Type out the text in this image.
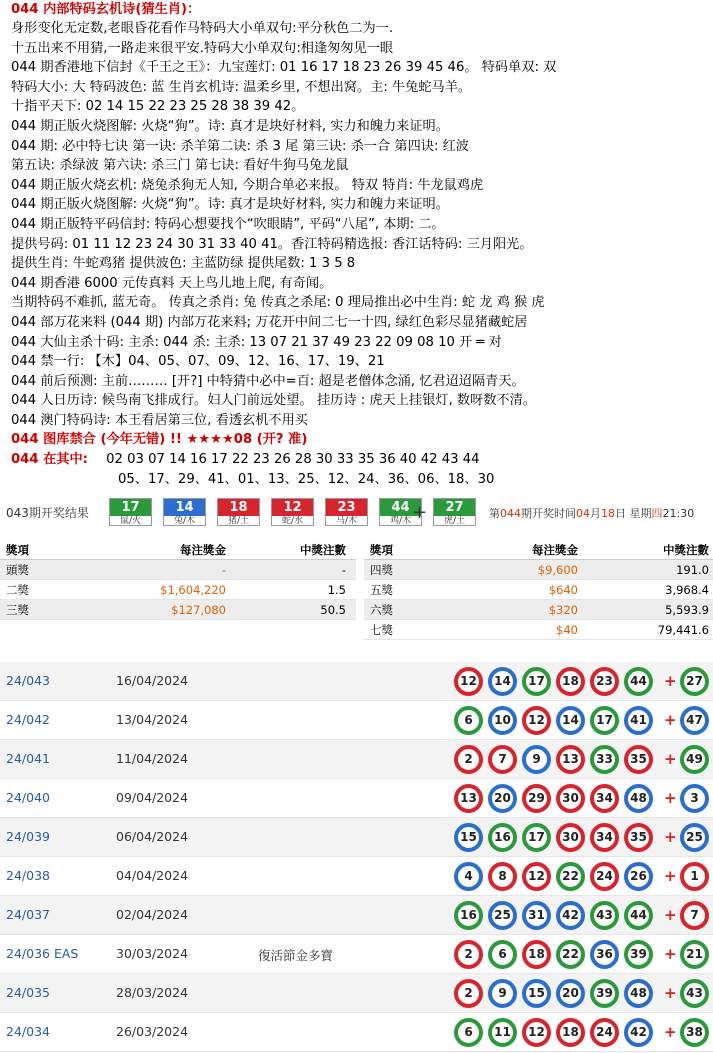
044 内部特码玄机诗(猜生肖)：
身形变化无定数,老眼昏花看作马特码大小单双句:平分秋色二为一.
十五出来不用猜,一路走来很平安.特码大小单双句:相逢匆匆见一眼
044 期香港地下信封《千王之王》：九宝莲灯: 01 16 17 18 23 26 39 45 46。 特码单双: 双
特码大小: 大 特码波色: 蓝 生肖玄机诗: 温柔乡里, 不想出窝。主: 牛兔蛇马羊。
十指平天下: 02 14 15 22 23 25 28 38 39 42。
044 期正版火烧图解: 火烧“狗”。诗: 真才是块好材料, 实力和魄力来证明。
044 期: 必中特七诀 第一诀: 杀羊第二诀: 杀 3 尾 第三诀: 杀一合 第四诀: 红波
第五诀: 杀绿波 第六诀: 杀三门 第七诀: 看好牛狗马兔龙鼠
044 期正版火烧玄机: 烧兔杀狗无人知, 今期合单必来报。 特双 特肖: 牛龙鼠鸡虎
044 期正版火烧图解: 火烧“狗”。诗: 真才是块好材料, 实力和魄力来证明。
044 期正版特平码信封: 特码心想要找个“吹眼睛”, 平码“八尾”, 本期: 二。
提供号码: 01 11 12 23 24 30 31 33 40 41。香江特码精选报: 香江话特码: 三月阳光。
提供生肖: 牛蛇鸡猪 提供波色: 主蓝防绿 提供尾数: 1 3 5 8
044 期香港 6000 元传真料 天上鸟儿地上爬, 有奇闻。
当期特码不难抓, 蓝无奇。 传真之杀肖: 兔 传真之杀尾: 0 理局推出必中生肖: 蛇 龙 鸡 猴 虎
044 部万花来料 (044 期) 内部万花来料; 万花开中间二七一十四, 绿红色彩尽显猪藏蛇居
044 大仙主杀十码: 主杀: 044 杀: 主杀: 13 07 21 37 49 23 22 09 08 10 开 ═ 对
044 禁一行: 【木】04、05、07、09、12、16、17、19、21
044 前后预测: 主前……… [开?] 中特猜中必中=百: 超是老僧体念涌, 忆君迢迢隔青天。
044 人日历诗: 候鸟南飞排成行。妇人门前远处望。 挂历诗 : 虎天上挂银灯, 数呀数不清。
044 澳门特码诗: 本王看居第三位, 看透玄机不用买
044 图库禁合 (今年无错) !! ★★★★08 (开? 准)
044 在其中: 02 03 07 14 16 17 22 23 26 28 30 33 35 36 40 42 43 44
05、17、29、41、01、13、25、12、24、36、06、18、30
043期开奖结果	17
鼠/火
14
兔/木
18
猪/土
12
蛇/水
23
马/木
44
鸡/木 +	27
虎/土
第044期开奖时间04月18日 星期四21:30
獎項	每注獎金	中獎注數
頭獎	-	-
二獎	$1,604,220	1.5
三獎	$127,080	50.5
獎項	每注獎金	中獎注數
四獎	$9,600	191.0
五獎	$640	3,968.4
六獎	$320	5,593.9
七獎	$40	79,441.6
24/043	16/04/2024	12	14	17	18	23	44	+ 27
24/042	13/04/2024	6	10	12	14	17	41	+ 47
24/041	11/04/2024	2	7	9	13	33	35	+ 49
24/040	09/04/2024	13	20	29	30	34	48	+	3
24/039	06/04/2024	15	16	17	30	34	35	+ 25
24/038	04/04/2024	4	8	12	22	24	26	+	1
24/037	02/04/2024	16	25	31	42	43	44	+	7
24/036 EAS	30/03/2024	復活節金多寶	2	6	18	22	36	39	+ 21
24/035	28/03/2024	2	9	15	20	39	48	+ 43
24/034	26/03/2024	6	11	12	18	24	42	+ 38
